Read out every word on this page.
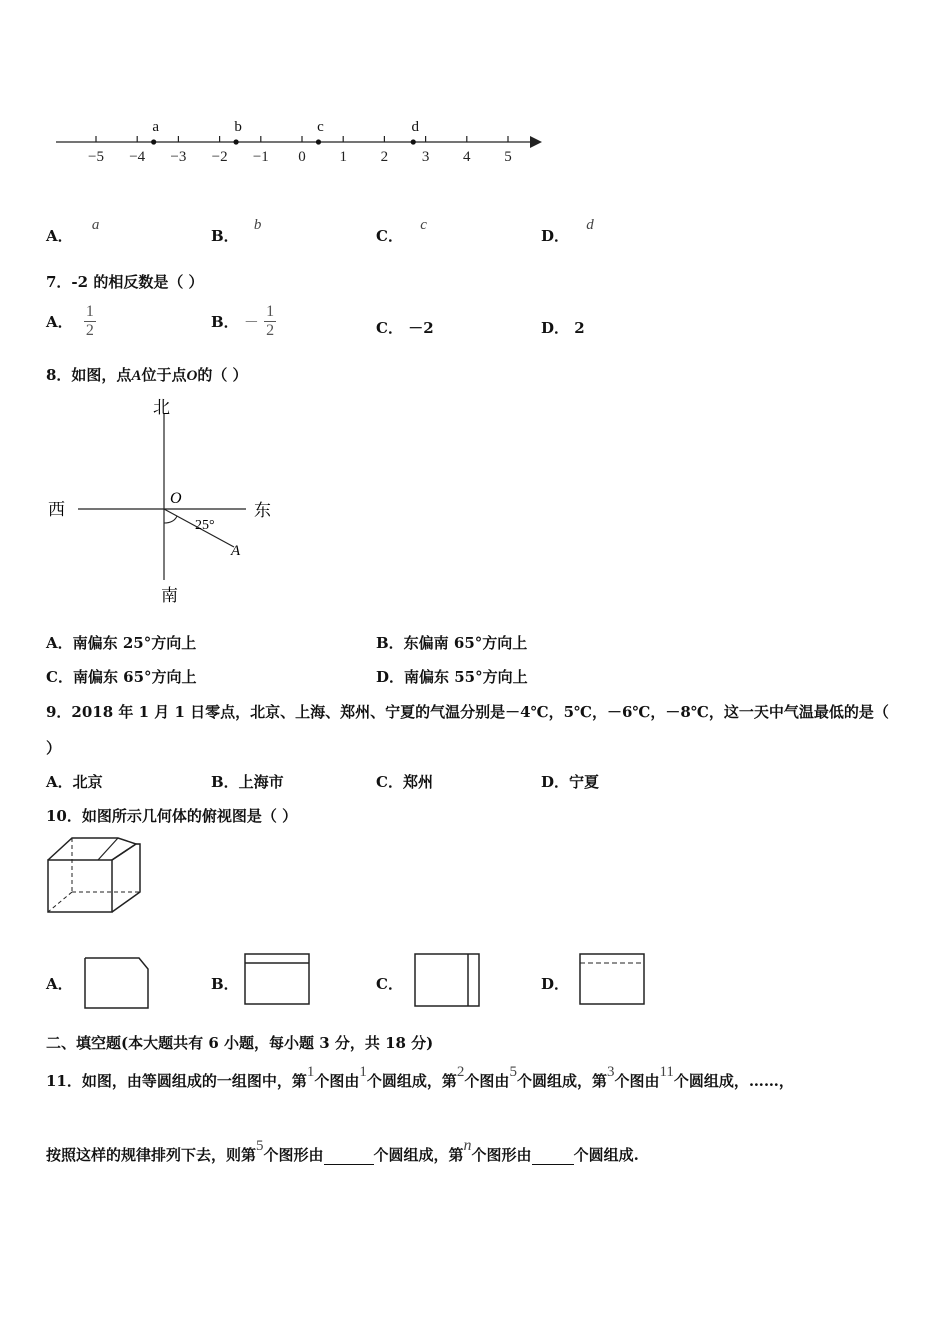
−5 −4 −3 −2 −1 0 1 2 3 4 5
a	b	c	d
A． a
B． b
C． c
D． d
7．-2 的相反数是（ ）
A． $\frac{1}{2}$	B． － $\frac{1}{2}$	C． －2	D． 2
8．如图，点A位于点O的（ ）
北
南
西	东
O
25°
A
A．南偏东 25°方向上	B．东偏南 65°方向上
C．南偏东 65°方向上	D．南偏东 55°方向上
9．2018 年 1 月 1 日零点，北京、上海、郑州、宁夏的气温分别是－4℃，5℃，－6℃，－8℃，这一天中气温最低的是（
）
A．北京	B．上海市	C．郑州	D．宁夏
10．如图所示几何体的俯视图是（ ）
A．	B．	C．	D．
二、填空题(本大题共有 6 小题，每小题 3 分，共 18 分)
11．如图，由等圆组成的一组图中，第1个图由1个圆组成，第2个图由5个圆组成，第3个图由11个圆组成，……，
按照这样的规律排列下去，则第5个图形由	个圆组成，第n个图形由	个圆组成.
